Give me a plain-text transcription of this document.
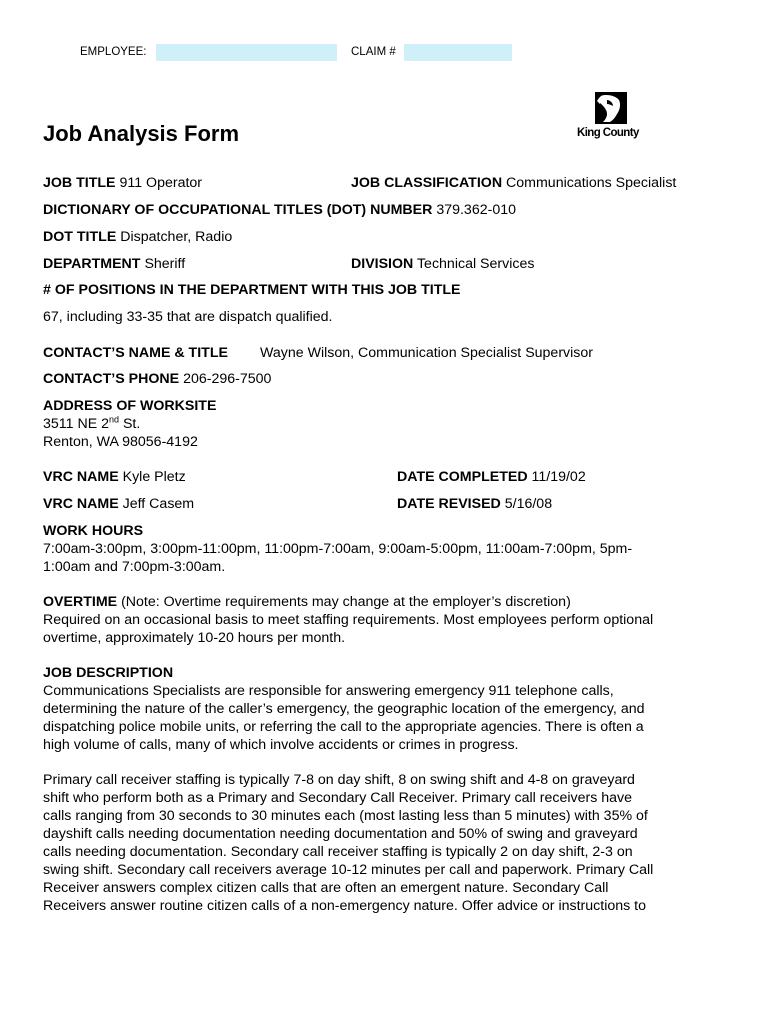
EMPLOYEE:	CLAIM #
King County
Job Analysis Form
JOB TITLE 911 Operator	JOB CLASSIFICATION Communications Specialist
DICTIONARY OF OCCUPATIONAL TITLES (DOT) NUMBER 379.362-010
DOT TITLE Dispatcher, Radio
DEPARTMENT Sheriff	DIVISION Technical Services
# OF POSITIONS IN THE DEPARTMENT WITH THIS JOB TITLE
67, including 33-35 that are dispatch qualified.
CONTACT’S NAME & TITLE Wayne Wilson, Communication Specialist Supervisor
CONTACT’S PHONE 206-296-7500
ADDRESS OF WORKSITE
3511 NE 2nd St.
Renton, WA 98056-4192
VRC NAME Kyle Pletz	DATE COMPLETED 11/19/02
VRC NAME Jeff Casem	DATE REVISED 5/16/08
WORK HOURS
7:00am-3:00pm, 3:00pm-11:00pm, 11:00pm-7:00am, 9:00am-5:00pm, 11:00am-7:00pm, 5pm-
1:00am and 7:00pm-3:00am.
OVERTIME (Note: Overtime requirements may change at the employer’s discretion)
Required on an occasional basis to meet staffing requirements. Most employees perform optional
overtime, approximately 10-20 hours per month.
JOB DESCRIPTION
Communications Specialists are responsible for answering emergency 911 telephone calls,
determining the nature of the caller’s emergency, the geographic location of the emergency, and
dispatching police mobile units, or referring the call to the appropriate agencies. There is often a
high volume of calls, many of which involve accidents or crimes in progress.
Primary call receiver staffing is typically 7-8 on day shift, 8 on swing shift and 4-8 on graveyard
shift who perform both as a Primary and Secondary Call Receiver. Primary call receivers have
calls ranging from 30 seconds to 30 minutes each (most lasting less than 5 minutes) with 35% of
dayshift calls needing documentation needing documentation and 50% of swing and graveyard
calls needing documentation. Secondary call receiver staffing is typically 2 on day shift, 2-3 on
swing shift. Secondary call receivers average 10-12 minutes per call and paperwork. Primary Call
Receiver answers complex citizen calls that are often an emergent nature. Secondary Call
Receivers answer routine citizen calls of a non-emergency nature. Offer advice or instructions to
